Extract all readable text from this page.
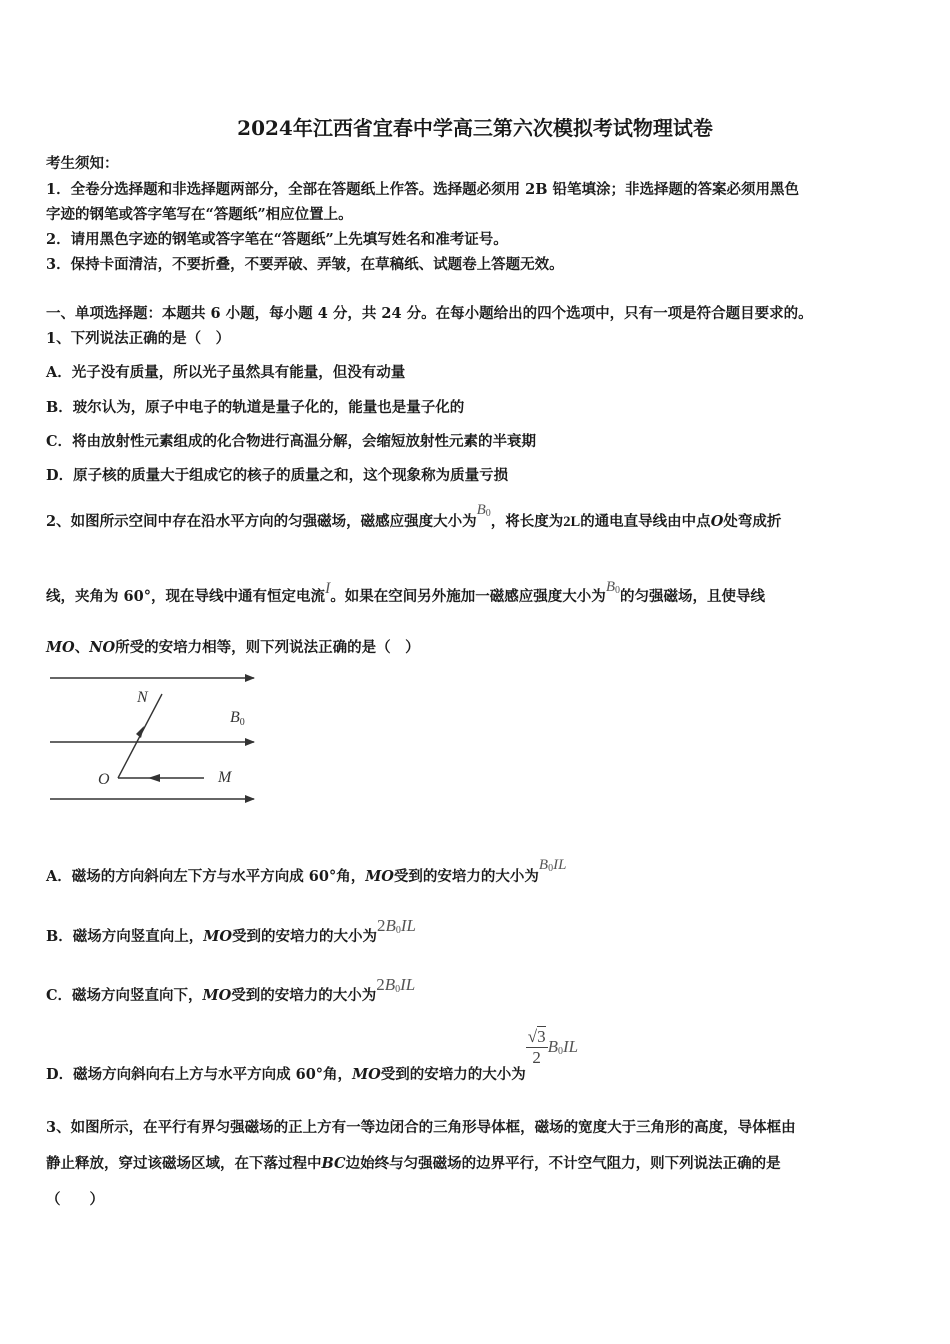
2024年江西省宜春中学高三第六次模拟考试物理试卷
考生须知：
1．全卷分选择题和非选择题两部分，全部在答题纸上作答。选择题必须用 2B 铅笔填涂；非选择题的答案必须用黑色
字迹的钢笔或答字笔写在“答题纸”相应位置上。
2．请用黑色字迹的钢笔或答字笔在“答题纸”上先填写姓名和准考证号。
3．保持卡面清洁，不要折叠，不要弄破、弄皱，在草稿纸、试题卷上答题无效。
一、单项选择题：本题共 6 小题，每小题 4 分，共 24 分。在每小题给出的四个选项中，只有一项是符合题目要求的。
1、下列说法正确的是（　）
A．光子没有质量，所以光子虽然具有能量，但没有动量
B．玻尔认为，原子中电子的轨道是量子化的，能量也是量子化的
C．将由放射性元素组成的化合物进行高温分解，会缩短放射性元素的半衰期
D．原子核的质量大于组成它的核子的质量之和，这个现象称为质量亏损
2、如图所示空间中存在沿水平方向的匀强磁场，磁感应强度大小为$B_0$，将长度为2L的通电直导线由中点O处弯成折
线，夹角为 60°，现在导线中通有恒定电流I。如果在空间另外施加一磁感应强度大小为$B_0$的匀强磁场，且使导线
MO、NO所受的安培力相等，则下列说法正确的是（　）
N
B0
O	M
A．磁场的方向斜向左下方与水平方向成 60°角，MO受到的安培力的大小为$B_0IL$
B．磁场方向竖直向上，MO受到的安培力的大小为$2B_0IL$
C．磁场方向竖直向下，MO受到的安培力的大小为$2B_0IL$
D．磁场方向斜向右上方与水平方向成 60°角，MO受到的安培力的大小为
$\frac{√3}{2} B_0IL$
3、如图所示，在平行有界匀强磁场的正上方有一等边闭合的三角形导体框，磁场的宽度大于三角形的高度，导体框由
静止释放，穿过该磁场区域，在下落过程中BC边始终与匀强磁场的边界平行，不计空气阻力，则下列说法正确的是
（　　）
